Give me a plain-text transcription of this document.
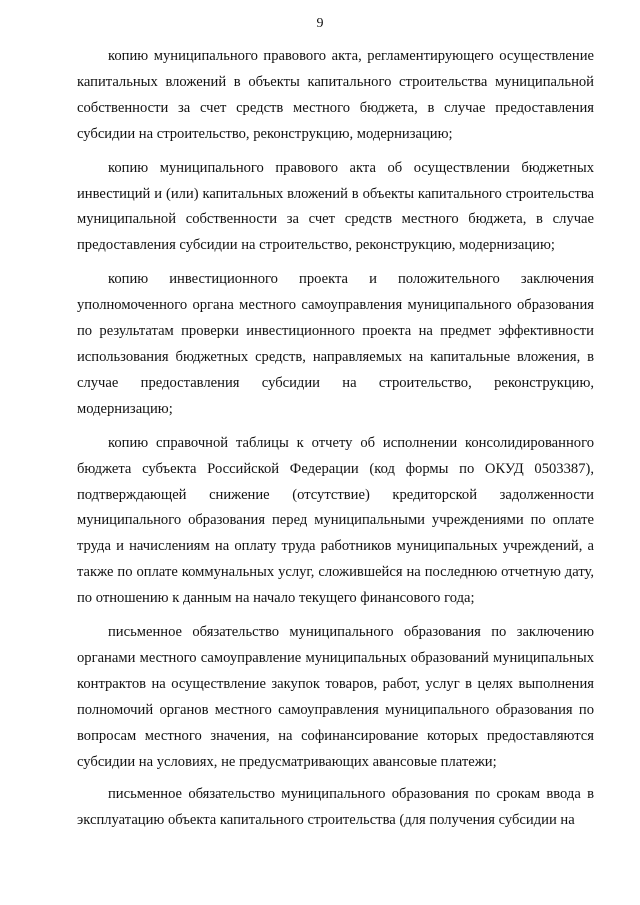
9

копию муниципального правового акта, регламентирующего осуществление капитальных вложений в объекты капитального строительства муниципальной собственности за счет средств местного бюджета, в случае предоставления субсидии на строительство, реконструкцию, модернизацию;

копию муниципального правового акта об осуществлении бюджетных инвестиций и (или) капитальных вложений в объекты капитального строительства муниципальной собственности за счет средств местного бюджета, в случае предоставления субсидии на строительство, реконструкцию, модернизацию;

копию инвестиционного проекта и положительного заключения уполномоченного органа местного самоуправления муниципального образования по результатам проверки инвестиционного проекта на предмет эффективности использования бюджетных средств, направляемых на капитальные вложения, в случае предоставления субсидии на строительство, реконструкцию, модернизацию;

копию справочной таблицы к отчету об исполнении консолидированного бюджета субъекта Российской Федерации (код формы по ОКУД 0503387), подтверждающей снижение (отсутствие) кредиторской задолженности муниципального образования перед муниципальными учреждениями по оплате труда и начислениям на оплату труда работников муниципальных учреждений, а также по оплате коммунальных услуг, сложившейся на последнюю отчетную дату, по отношению к данным на начало текущего финансового года;

письменное обязательство муниципального образования по заключению органами местного самоуправление муниципальных образований муниципальных контрактов на осуществление закупок товаров, работ, услуг в целях выполнения полномочий органов местного самоуправления муниципального образования по вопросам местного значения, на софинансирование которых предоставляются субсидии на условиях, не предусматривающих авансовые платежи;

письменное обязательство муниципального образования по срокам ввода в эксплуатацию объекта капитального строительства (для получения субсидии на
